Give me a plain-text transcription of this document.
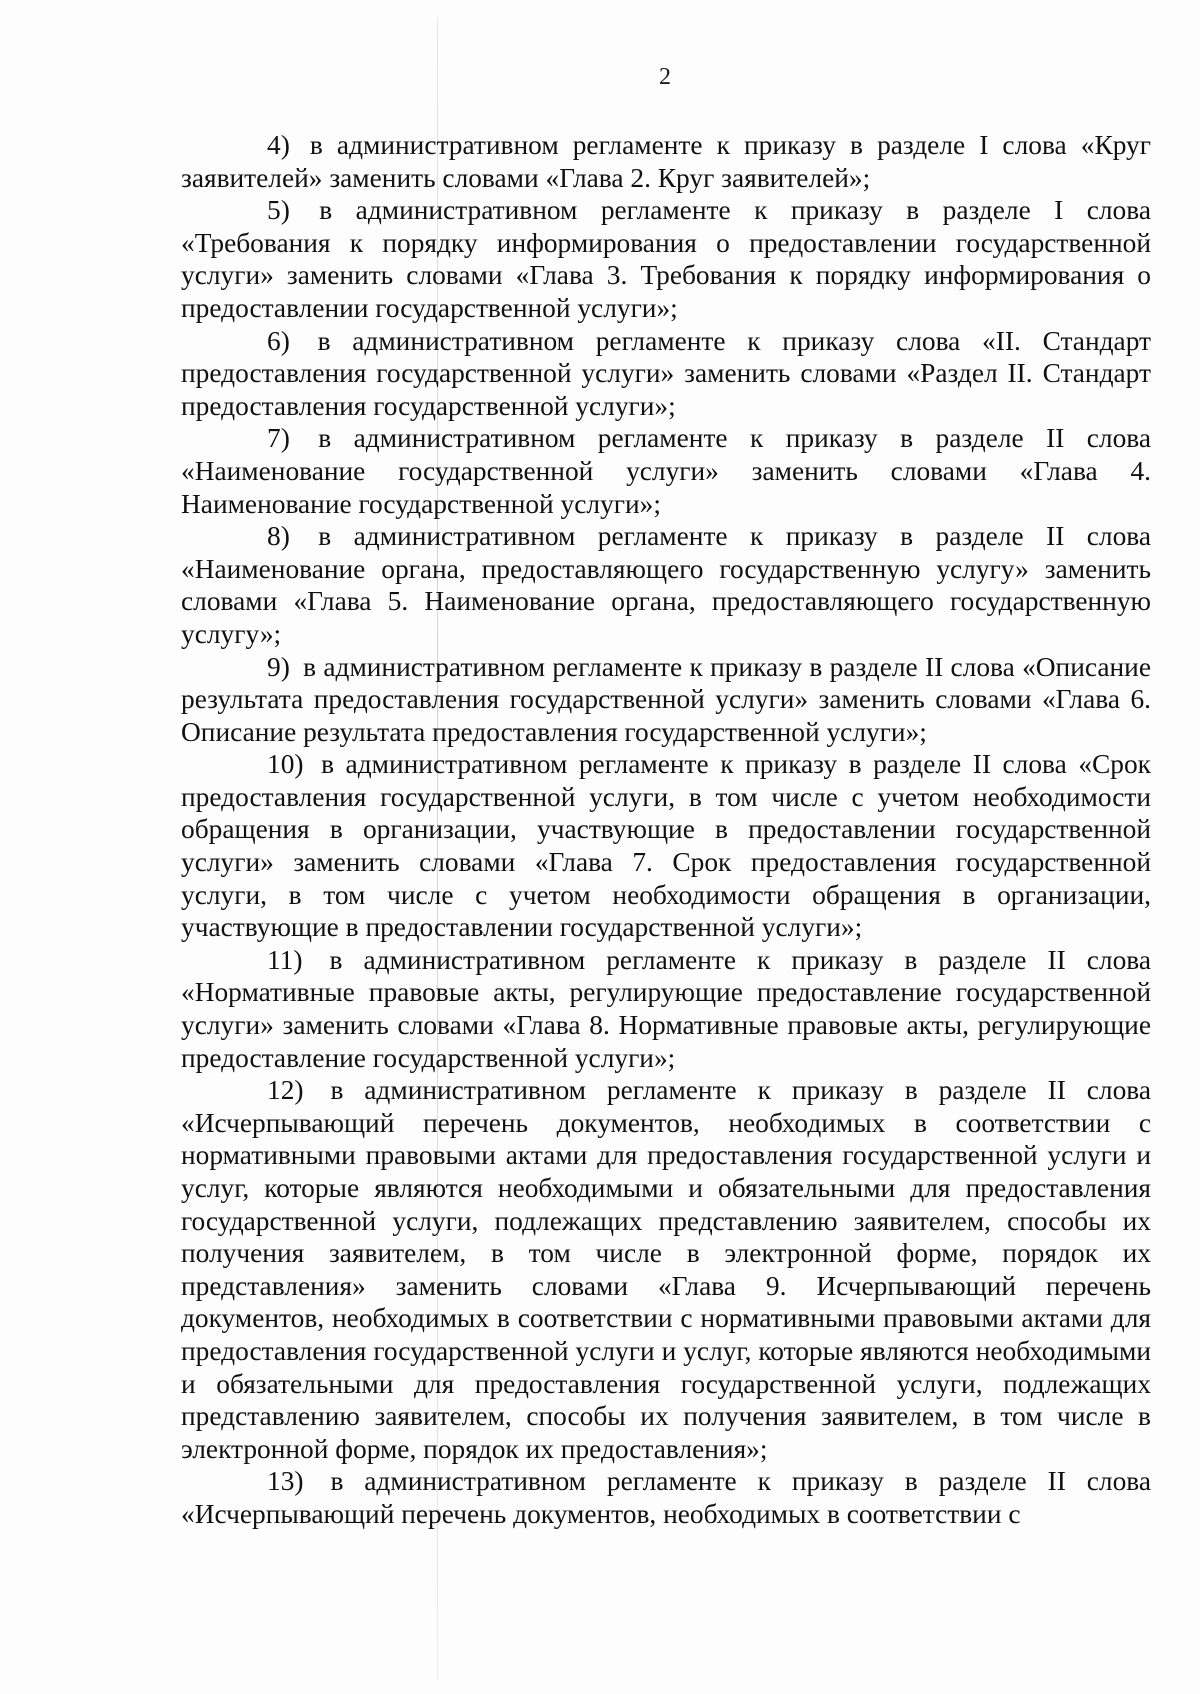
2

4) в административном регламенте к приказу в разделе I слова «Круг заявителей» заменить словами «Глава 2. Круг заявителей»;

5) в административном регламенте к приказу в разделе I слова «Требования к порядку информирования о предоставлении государственной услуги» заменить словами «Глава 3. Требования к порядку информирования о предоставлении государственной услуги»;

6) в административном регламенте к приказу слова «II. Стандарт предоставления государственной услуги» заменить словами «Раздел II. Стандарт предоставления государственной услуги»;

7) в административном регламенте к приказу в разделе II слова «Наименование государственной услуги» заменить словами «Глава 4. Наименование государственной услуги»;

8) в административном регламенте к приказу в разделе II слова «Наименование органа, предоставляющего государственную услугу» заменить словами «Глава 5. Наименование органа, предоставляющего государственную услугу»;

9) в административном регламенте к приказу в разделе II слова «Описание результата предоставления государственной услуги» заменить словами «Глава 6. Описание результата предоставления государственной услуги»;

10) в административном регламенте к приказу в разделе II слова «Срок предоставления государственной услуги, в том числе с учетом необходимости обращения в организации, участвующие в предоставлении государственной услуги» заменить словами «Глава 7. Срок предоставления государственной услуги, в том числе с учетом необходимости обращения в организации, участвующие в предоставлении государственной услуги»;

11) в административном регламенте к приказу в разделе II слова «Нормативные правовые акты, регулирующие предоставление государственной услуги» заменить словами «Глава 8. Нормативные правовые акты, регулирующие предоставление государственной услуги»;

12) в административном регламенте к приказу в разделе II слова «Исчерпывающий перечень документов, необходимых в соответствии с нормативными правовыми актами для предоставления государственной услуги и услуг, которые являются необходимыми и обязательными для предоставления государственной услуги, подлежащих представлению заявителем, способы их получения заявителем, в том числе в электронной форме, порядок их представления» заменить словами «Глава 9. Исчерпывающий перечень документов, необходимых в соответствии с нормативными правовыми актами для предоставления государственной услуги и услуг, которые являются необходимыми и обязательными для предоставления государственной услуги, подлежащих представлению заявителем, способы их получения заявителем, в том числе в электронной форме, порядок их предоставления»;

13) в административном регламенте к приказу в разделе II слова «Исчерпывающий перечень документов, необходимых в соответствии с
